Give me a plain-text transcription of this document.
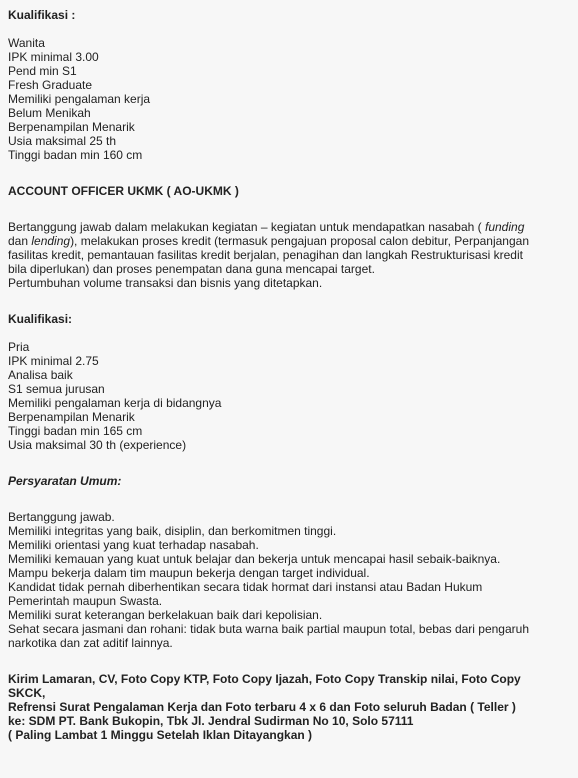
Kualifikasi :
Wanita
IPK minimal 3.00
Pend min S1
Fresh Graduate
Memiliki pengalaman kerja
Belum Menikah
Berpenampilan Menarik
Usia maksimal 25 th
Tinggi badan min 160 cm
ACCOUNT OFFICER UKMK ( AO-UKMK )
Bertanggung jawab dalam melakukan kegiatan – kegiatan untuk mendapatkan nasabah ( funding
dan lending), melakukan proses kredit (termasuk pengajuan proposal calon debitur, Perpanjangan
fasilitas kredit, pemantauan fasilitas kredit berjalan, penagihan dan langkah Restrukturisasi kredit
bila diperlukan) dan proses penempatan dana guna mencapai target.
Pertumbuhan volume transaksi dan bisnis yang ditetapkan.
Kualifikasi:
Pria
IPK minimal 2.75
Analisa baik
S1 semua jurusan
Memiliki pengalaman kerja di bidangnya
Berpenampilan Menarik
Tinggi badan min 165 cm
Usia maksimal 30 th (experience)
Persyaratan Umum:
Bertanggung jawab.
Memiliki integritas yang baik, disiplin, dan berkomitmen tinggi.
Memiliki orientasi yang kuat terhadap nasabah.
Memiliki kemauan yang kuat untuk belajar dan bekerja untuk mencapai hasil sebaik-baiknya.
Mampu bekerja dalam tim maupun bekerja dengan target individual.
Kandidat tidak pernah diberhentikan secara tidak hormat dari instansi atau Badan Hukum
Pemerintah maupun Swasta.
Memiliki surat keterangan berkelakuan baik dari kepolisian.
Sehat secara jasmani dan rohani: tidak buta warna baik partial maupun total, bebas dari pengaruh
narkotika dan zat aditif lainnya.
Kirim Lamaran, CV, Foto Copy KTP, Foto Copy Ijazah, Foto Copy Transkip nilai, Foto Copy
SKCK,
Refrensi Surat Pengalaman Kerja dan Foto terbaru 4 x 6 dan Foto seluruh Badan ( Teller )
ke: SDM PT. Bank Bukopin, Tbk Jl. Jendral Sudirman No 10, Solo 57111
( Paling Lambat 1 Minggu Setelah Iklan Ditayangkan )
